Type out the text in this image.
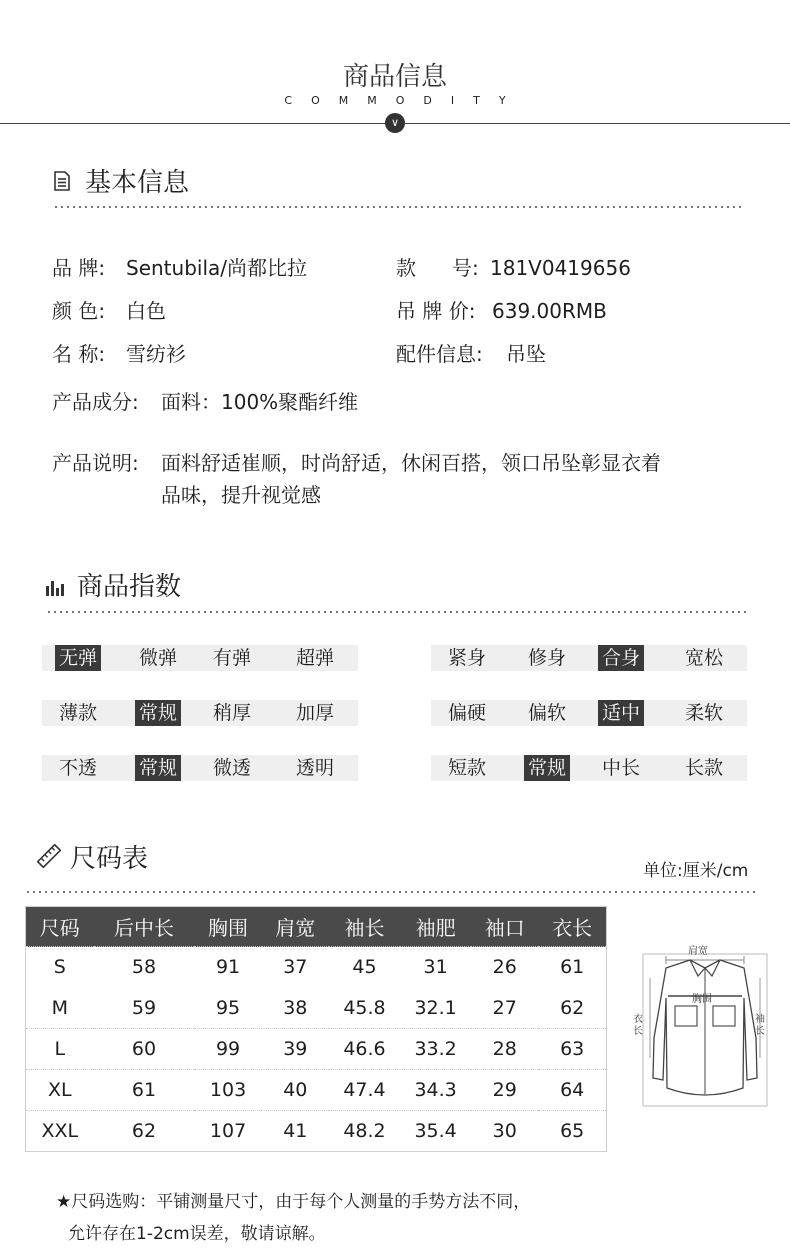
商品信息
COMMODITY
∨
基本信息
品 牌: Sentubila/尚都比拉	款 号: 181V0419656
颜 色: 白色	吊 牌 价: 639.00RMB
名 称: 雪纺衫	配件信息: 吊坠
产品成分: 面料：100%聚酯纤维
产品说明: 面料舒适崔顺，时尚舒适，休闲百搭，领口吊坠彰显衣着
品味，提升视觉感
商品指数
无弹 微弹 有弹 超弹	紧身 修身 合身 宽松
薄款 常规 稍厚 加厚	偏硬 偏软 适中 柔软
不透 常规 微透 透明	短款 常规 中长 长款
尺码表	单位:厘米/cm
尺码	后中长	胸围	肩宽	袖长	袖肥	袖口	衣长
S	58	91	37	45	31	26	61
M	59	95	38	45.8	32.1	27	62
L	60	99	39	46.6	33.2	28	63
XL	61	103	40	47.4	34.3	29	64
XXL	62	107	41	48.2	35.4	30	65
肩宽
胸围
衣长
袖长
★尺码选购：平铺测量尺寸，由于每个人测量的手势方法不同，
允许存在1-2cm误差，敬请谅解。
